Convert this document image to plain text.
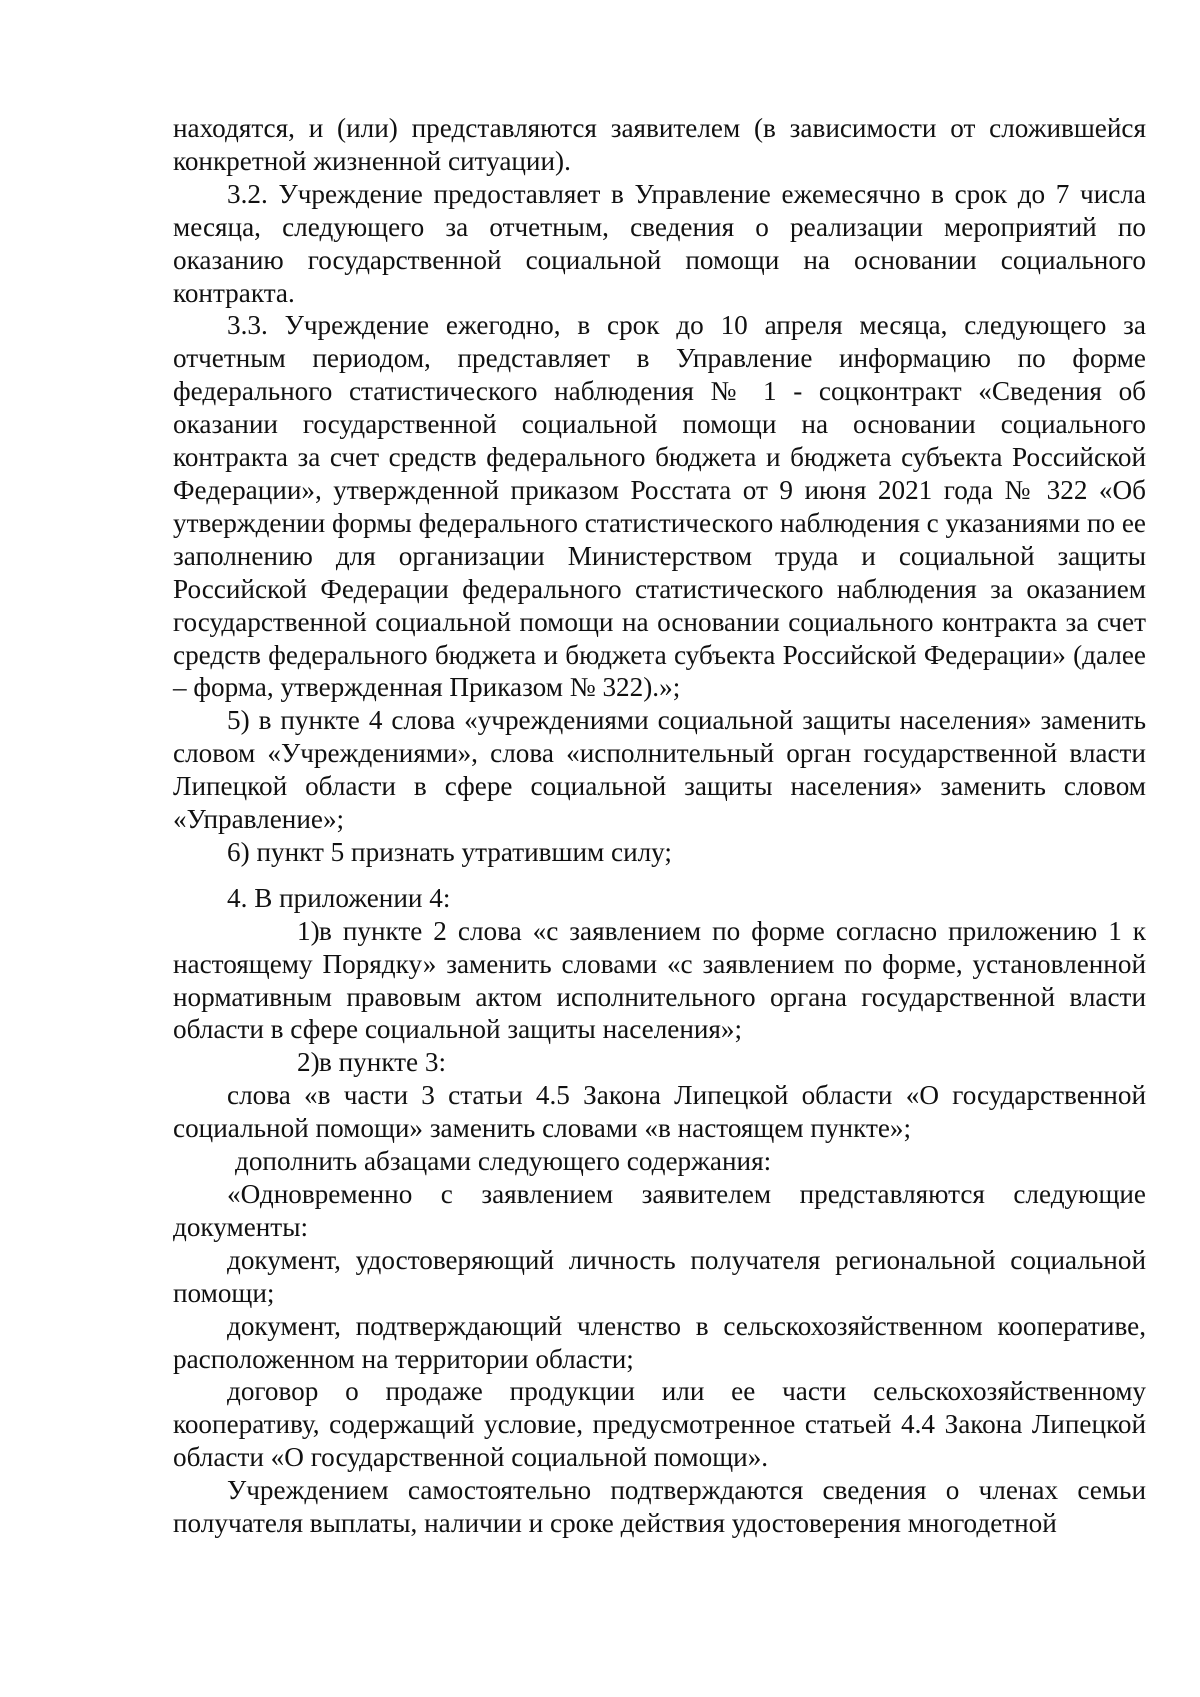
находятся, и (или) представляются заявителем (в зависимости от сложившейся конкретной жизненной ситуации).

3.2. Учреждение предоставляет в Управление ежемесячно в срок до 7 числа месяца, следующего за отчетным, сведения о реализации мероприятий по оказанию государственной социальной помощи на основании социального контракта.

3.3. Учреждение ежегодно, в срок до 10 апреля месяца, следующего за отчетным периодом, представляет в Управление информацию по форме федерального статистического наблюдения № 1 - соцконтракт «Сведения об оказании государственной социальной помощи на основании социального контракта за счет средств федерального бюджета и бюджета субъекта Российской Федерации», утвержденной приказом Росстата от 9 июня 2021 года № 322 «Об утверждении формы федерального статистического наблюдения с указаниями по ее заполнению для организации Министерством труда и социальной защиты Российской Федерации федерального статистического наблюдения за оказанием государственной социальной помощи на основании социального контракта за счет средств федерального бюджета и бюджета субъекта Российской Федерации» (далее – форма, утвержденная Приказом № 322).»;

5) в пункте 4 слова «учреждениями социальной защиты населения» заменить словом «Учреждениями», слова «исполнительный орган государственной власти Липецкой области в сфере социальной защиты населения» заменить словом «Управление»;

6) пункт 5 признать утратившим силу;

4. В приложении 4:

1)в пункте 2 слова «с заявлением по форме согласно приложению 1 к настоящему Порядку» заменить словами «с заявлением по форме, установленной нормативным правовым актом исполнительного органа государственной власти области в сфере социальной защиты населения»;

2)в пункте 3:

слова «в части 3 статьи 4.5 Закона Липецкой области «О государственной социальной помощи» заменить словами «в настоящем пункте»;

дополнить абзацами следующего содержания:

«Одновременно с заявлением заявителем представляются следующие документы:

документ, удостоверяющий личность получателя региональной социальной помощи;

документ, подтверждающий членство в сельскохозяйственном кооперативе, расположенном на территории области;

договор о продаже продукции или ее части сельскохозяйственному кооперативу, содержащий условие, предусмотренное статьей 4.4 Закона Липецкой области «О государственной социальной помощи».

Учреждением самостоятельно подтверждаются сведения о членах семьи получателя выплаты, наличии и сроке действия удостоверения многодетной
